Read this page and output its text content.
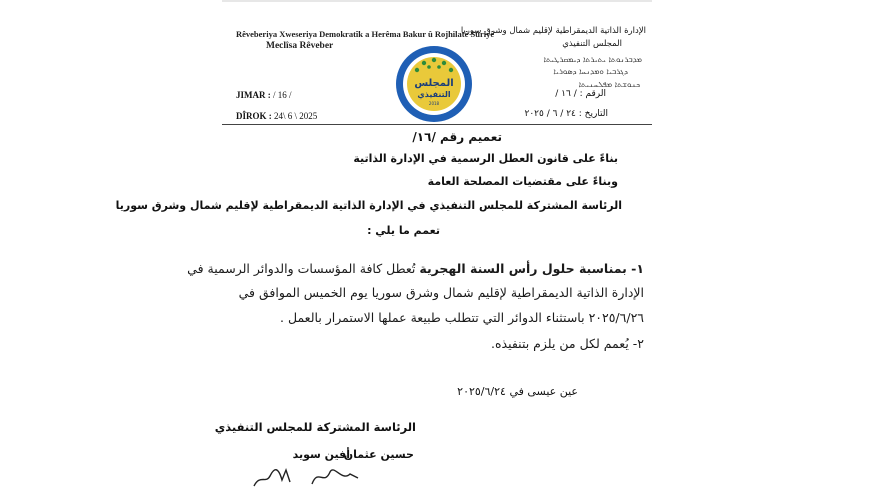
Rêveberiya Xweseriya Demokratîk a Herêma Bakur û Rojhilatê Sûriyê
Meclîsa Rêveber
الإدارة الذاتية الديمقراطية لإقليم شمال وشرق سوريا
المجلس التنفيذي
ܡܕܒܪܢܘܬܐ ܝܬܝܪܬܐ ܕܝܡܩܪܛܝܬܐ
ܕܓܪܒܝܐ ܘܡܕܢܚܐ ܕܣܘܪܝܐ
ܟܢܘܫܬܐ ܡܦܠܚܢܝܬܐ
المجلس
التنفيذي
2018
JIMAR : / 16 /
DÎROK : 24\ 6 \ 2025
الرقم : / ١٦ /
التاريخ : ٢٤ / ٦ / ٢٠٢٥
تعميم رقم /١٦/
بناءً على قانون العطل الرسمية في الإدارة الذاتية
وبناءً على مقتضيات المصلحة العامة
الرئاسة المشتركة للمجلس التنفيذي في الإدارة الذاتية الديمقراطية لإقليم شمال وشرق سوريا
تعمم ما يلي :
١- بمناسبة حلول رأس السنة الهجرية تُعطل كافة المؤسسات والدوائر الرسمية في
الإدارة الذاتية الديمقراطية لإقليم شمال وشرق سوريا يوم الخميس الموافق في
٢٠٢٥/٦/٢٦ باستثناء الدوائر التي تتطلب طبيعة عملها الاستمرار بالعمل .
٢- يُعمم لكل من يلزم بتنفيذه.
عين عيسى في ٢٠٢٥/٦/٢٤
الرئاسة المشتركة للمجلس التنفيذي
أفين سويد
حسين عثمان
